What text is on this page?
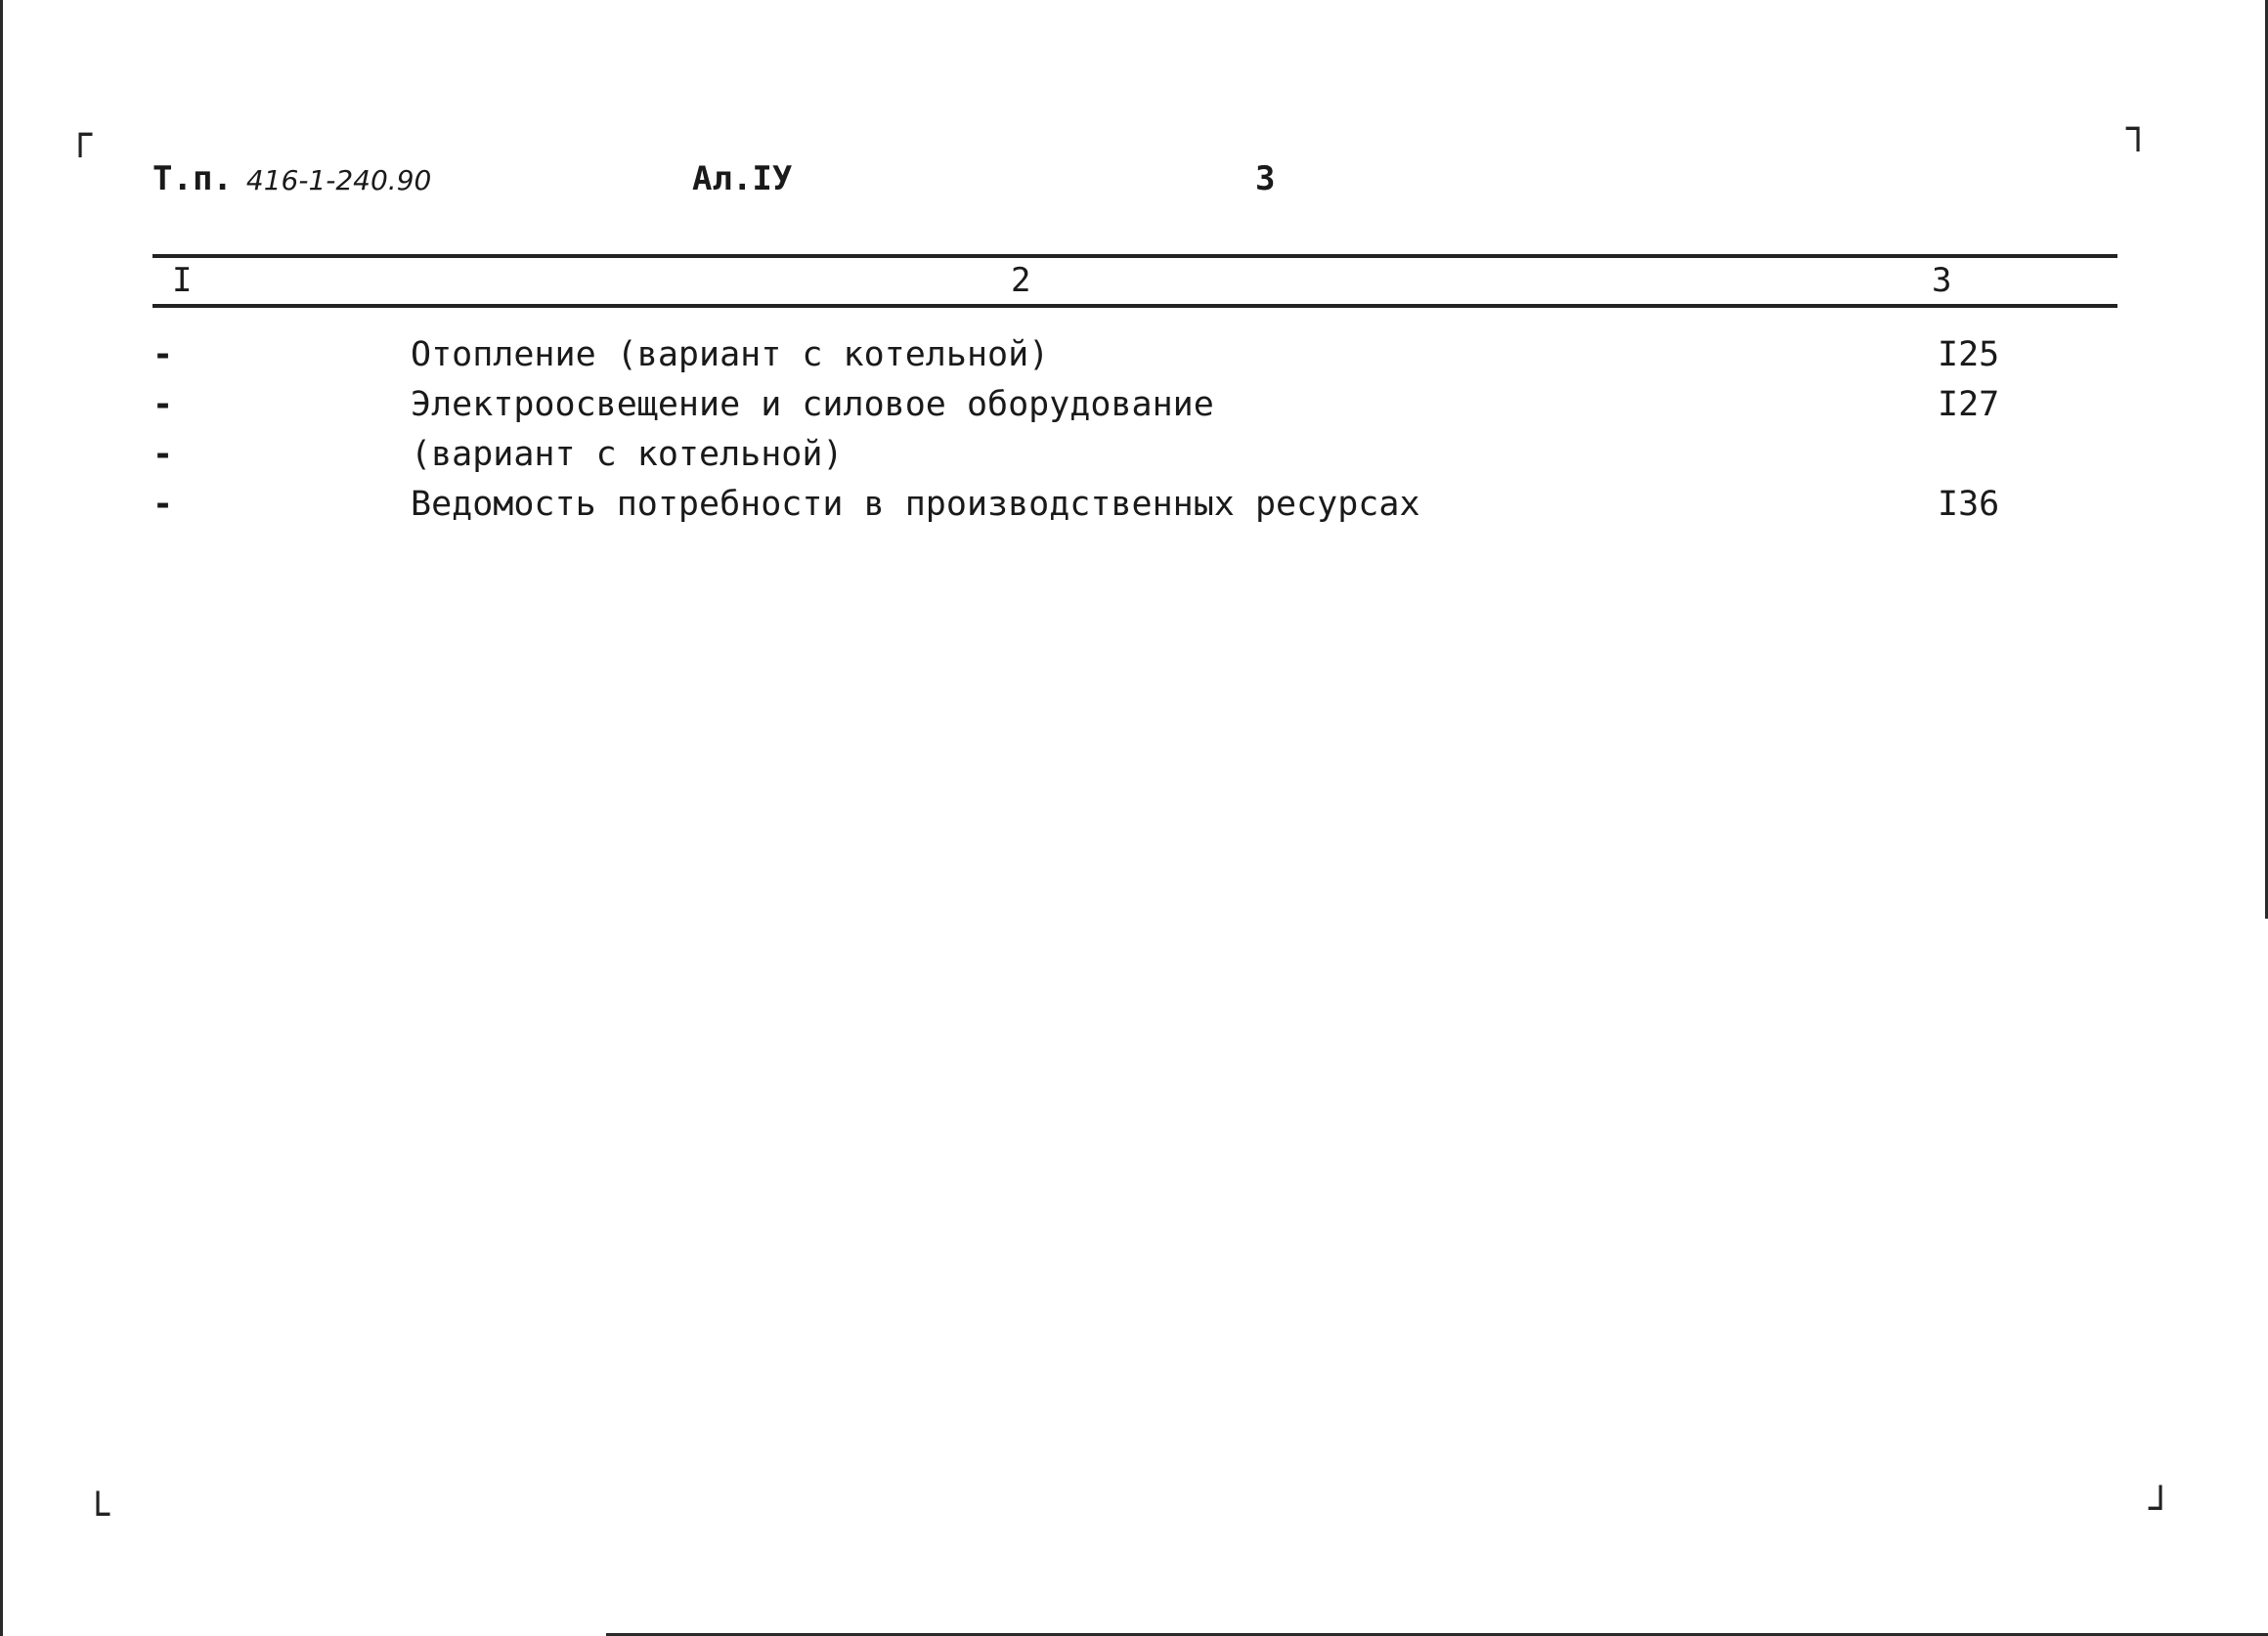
┌	┐
└	┘
Т.п. 416-1-240.90	Ал.IУ	3
I	2	3
-	Отопление (вариант с котельной)	I25
-	Электроосвещение и силовое оборудование	I27
-	(вариант с котельной)
-	Ведомость потребности в производственных ресурсах	I36
